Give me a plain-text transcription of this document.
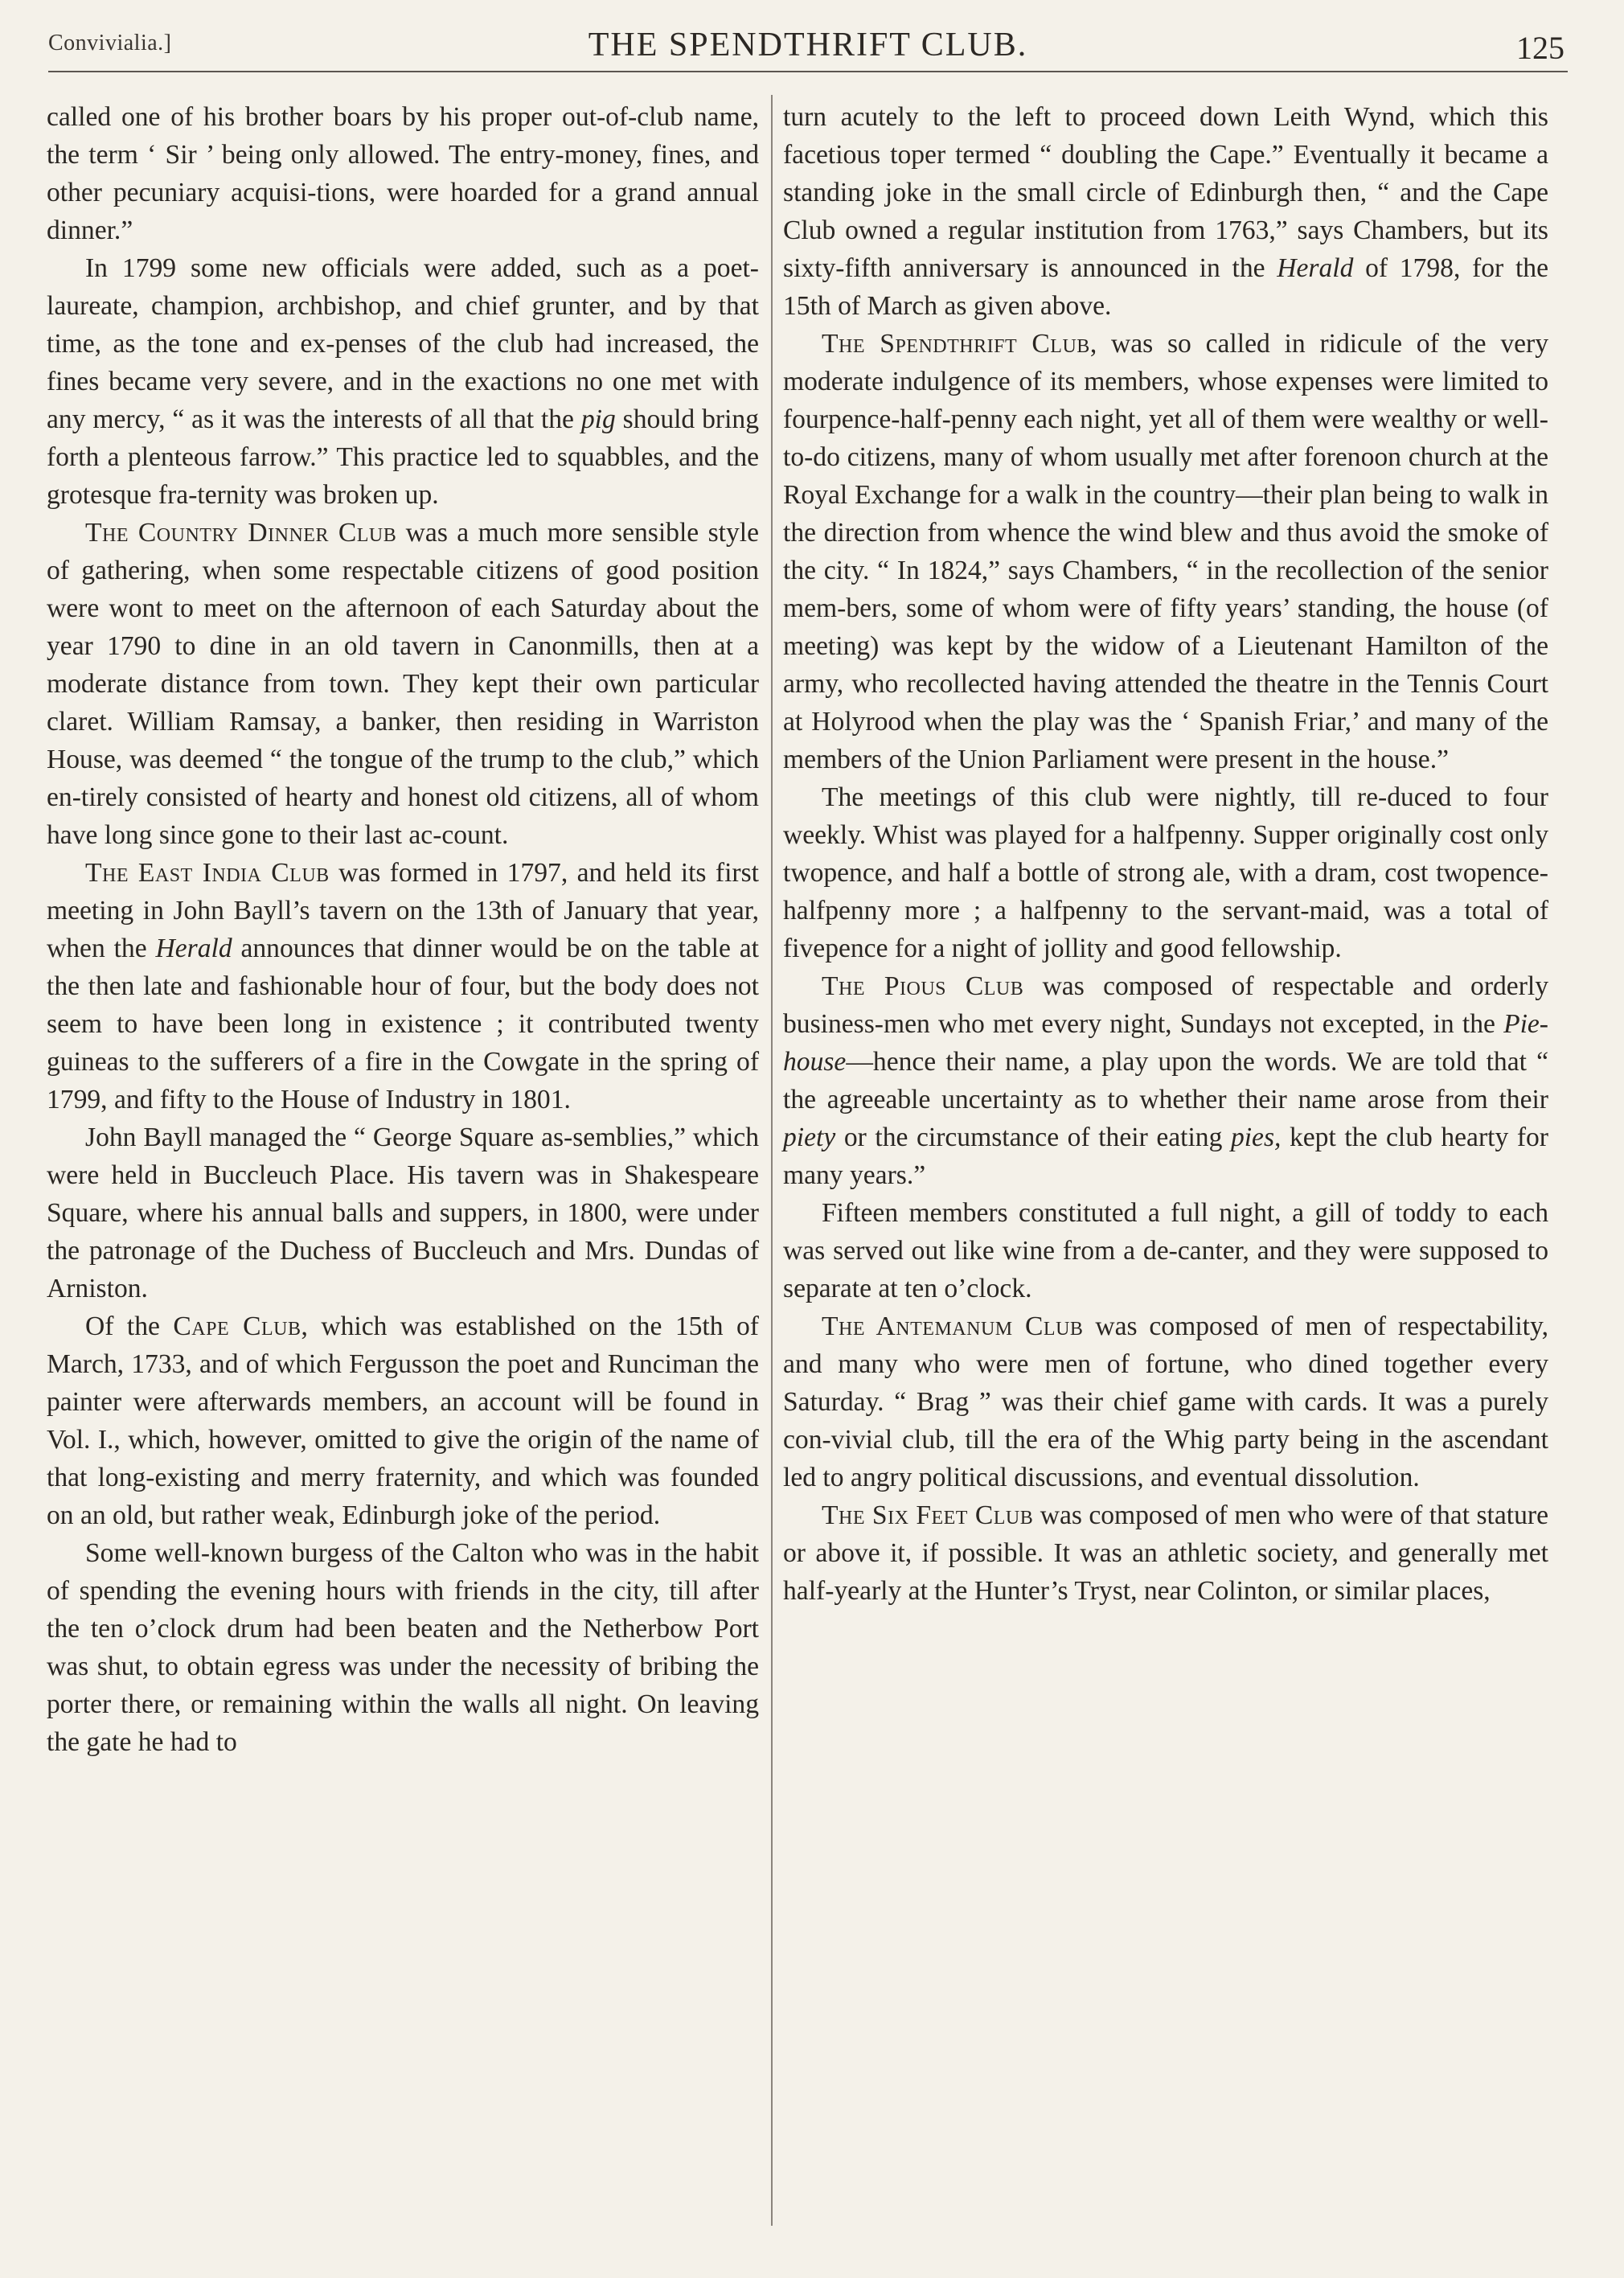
Convivialia.]	THE SPENDTHRIFT CLUB.	125

called one of his brother boars by his proper out-of-club name, the term ‘ Sir ’ being only allowed. The entry-money, fines, and other pecuniary acquisi-tions, were hoarded for a grand annual dinner.”

In 1799 some new officials were added, such as a poet-laureate, champion, archbishop, and chief grunter, and by that time, as the tone and ex-penses of the club had increased, the fines became very severe, and in the exactions no one met with any mercy, “ as it was the interests of all that the pig should bring forth a plenteous farrow.” This practice led to squabbles, and the grotesque fra-ternity was broken up.

The Country Dinner Club was a much more sensible style of gathering, when some respectable citizens of good position were wont to meet on the afternoon of each Saturday about the year 1790 to dine in an old tavern in Canonmills, then at a moderate distance from town. They kept their own particular claret. William Ramsay, a banker, then residing in Warriston House, was deemed “ the tongue of the trump to the club,” which en-tirely consisted of hearty and honest old citizens, all of whom have long since gone to their last ac-count.

The East India Club was formed in 1797, and held its first meeting in John Bayll’s tavern on the 13th of January that year, when the Herald announces that dinner would be on the table at the then late and fashionable hour of four, but the body does not seem to have been long in existence ; it contributed twenty guineas to the sufferers of a fire in the Cowgate in the spring of 1799, and fifty to the House of Industry in 1801.

John Bayll managed the “ George Square as-semblies,” which were held in Buccleuch Place. His tavern was in Shakespeare Square, where his annual balls and suppers, in 1800, were under the patronage of the Duchess of Buccleuch and Mrs. Dundas of Arniston.

Of the Cape Club, which was established on the 15th of March, 1733, and of which Fergusson the poet and Runciman the painter were afterwards members, an account will be found in Vol. I., which, however, omitted to give the origin of the name of that long-existing and merry fraternity, and which was founded on an old, but rather weak, Edinburgh joke of the period.

Some well-known burgess of the Calton who was in the habit of spending the evening hours with friends in the city, till after the ten o’clock drum had been beaten and the Netherbow Port was shut, to obtain egress was under the necessity of bribing the porter there, or remaining within the walls all night. On leaving the gate he had to

turn acutely to the left to proceed down Leith Wynd, which this facetious toper termed “ doubling the Cape.” Eventually it became a standing joke in the small circle of Edinburgh then, “ and the Cape Club owned a regular institution from 1763,” says Chambers, but its sixty-fifth anniversary is announced in the Herald of 1798, for the 15th of March as given above.

The Spendthrift Club, was so called in ridicule of the very moderate indulgence of its members, whose expenses were limited to fourpence-half-penny each night, yet all of them were wealthy or well-to-do citizens, many of whom usually met after forenoon church at the Royal Exchange for a walk in the country—their plan being to walk in the direction from whence the wind blew and thus avoid the smoke of the city. “ In 1824,” says Chambers, “ in the recollection of the senior mem-bers, some of whom were of fifty years’ standing, the house (of meeting) was kept by the widow of a Lieutenant Hamilton of the army, who recollected having attended the theatre in the Tennis Court at Holyrood when the play was the ‘ Spanish Friar,’ and many of the members of the Union Parliament were present in the house.”

The meetings of this club were nightly, till re-duced to four weekly. Whist was played for a halfpenny. Supper originally cost only twopence, and half a bottle of strong ale, with a dram, cost twopence-halfpenny more ; a halfpenny to the servant-maid, was a total of fivepence for a night of jollity and good fellowship.

The Pious Club was composed of respectable and orderly business-men who met every night, Sundays not excepted, in the Pie-house—hence their name, a play upon the words. We are told that “ the agreeable uncertainty as to whether their name arose from their piety or the circumstance of their eating pies, kept the club hearty for many years.”

Fifteen members constituted a full night, a gill of toddy to each was served out like wine from a de-canter, and they were supposed to separate at ten o’clock.

The Antemanum Club was composed of men of respectability, and many who were men of fortune, who dined together every Saturday. “ Brag ” was their chief game with cards. It was a purely con-vivial club, till the era of the Whig party being in the ascendant led to angry political discussions, and eventual dissolution.

The Six Feet Club was composed of men who were of that stature or above it, if possible. It was an athletic society, and generally met half-yearly at the Hunter’s Tryst, near Colinton, or similar places,
